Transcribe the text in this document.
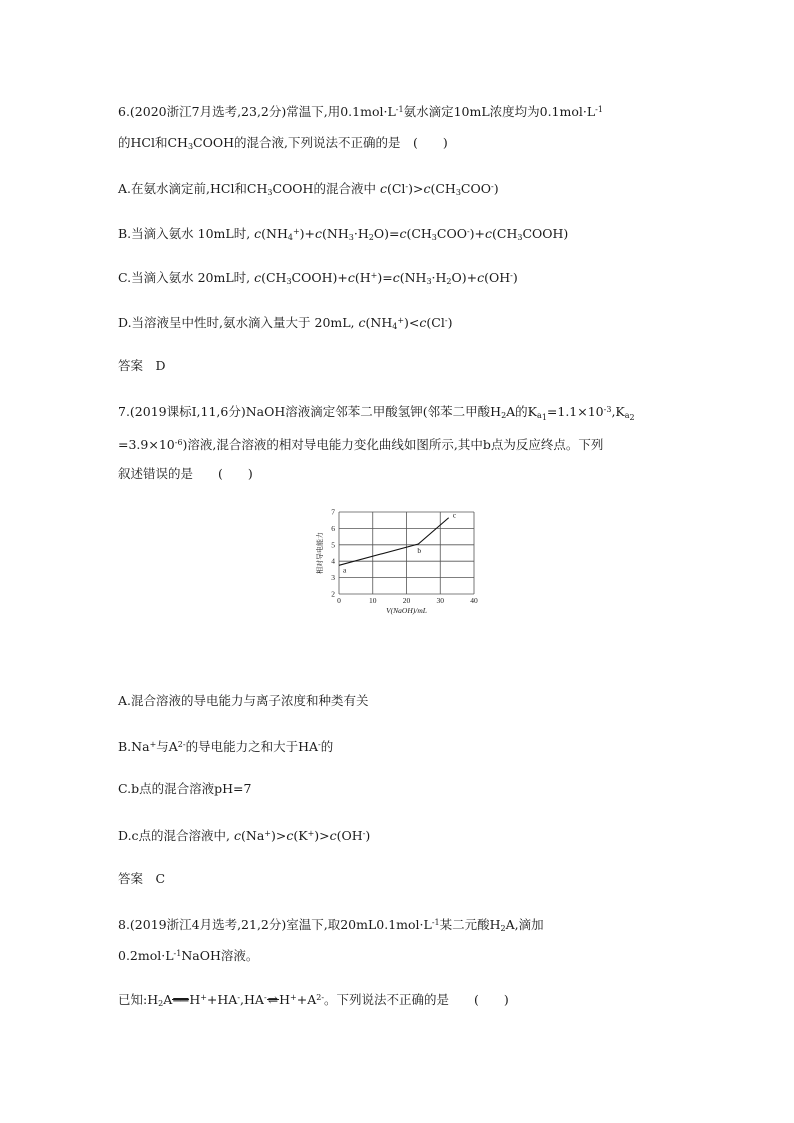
6.(2020浙江7月选考,23,2分)常温下,用$0.1mol\cdot L^{-1}$氨水滴定10mL浓度均为$0.1mol\cdot L^{-1}$
的HCl和$CH_3COOH$的混合液,下列说法不正确的是　(　　)
A.在氨水滴定前,HCl和$CH_3COOH$的混合液中 $c(Cl^-)>c(CH_3COO^-)$
B.当滴入氨水 10mL时, $c(NH_4^+)+c(NH_3\cdot H_2O)=c(CH_3COO^-)+c(CH_3COOH)$
C.当滴入氨水 20mL时, $c(CH_3COOH)+c(H^+)=c(NH_3\cdot H_2O)+c(OH^-)$
D.当溶液呈中性时,氨水滴入量大于 20mL, $c(NH_4^+)<c(Cl^-)$
答案　D
7.(2019课标Ⅰ,11,6分)NaOH溶液滴定邻苯二甲酸氢钾(邻苯二甲酸$H_2A$的$K_{a_1}=1.1\times 10^{-3},K_{a_2}$
$=3.9\times 10^{-6}$)溶液,混合溶液的相对导电能力变化曲线如图所示,其中b点为反应终点。下列
叙述错误的是　　(　　)
0	10	20	30	40
2
3
4
5
6
7
V(NaOH)/mL
相对导电能力	a
b
c
A.混合溶液的导电能力与离子浓度和种类有关
B.Na+与$A^{2-}$的导电能力之和大于HA-的
C.b点的混合溶液pH=7
D.c点的混合溶液中, c(Na+)>c(K+)>c(OH-)
答案　C
8.(2019浙江4月选考,21,2分)室温下,取$20mL0.1mol\cdot L^{-1}$某二元酸$H_2A$,滴加
$0.2mol\cdot L^{-1}NaOH$溶液。
已知$:H_2A══H^++HA^-,HA^-\rightleftharpoons H^++A^{2-}$。下列说法不正确的是　　(　　)
